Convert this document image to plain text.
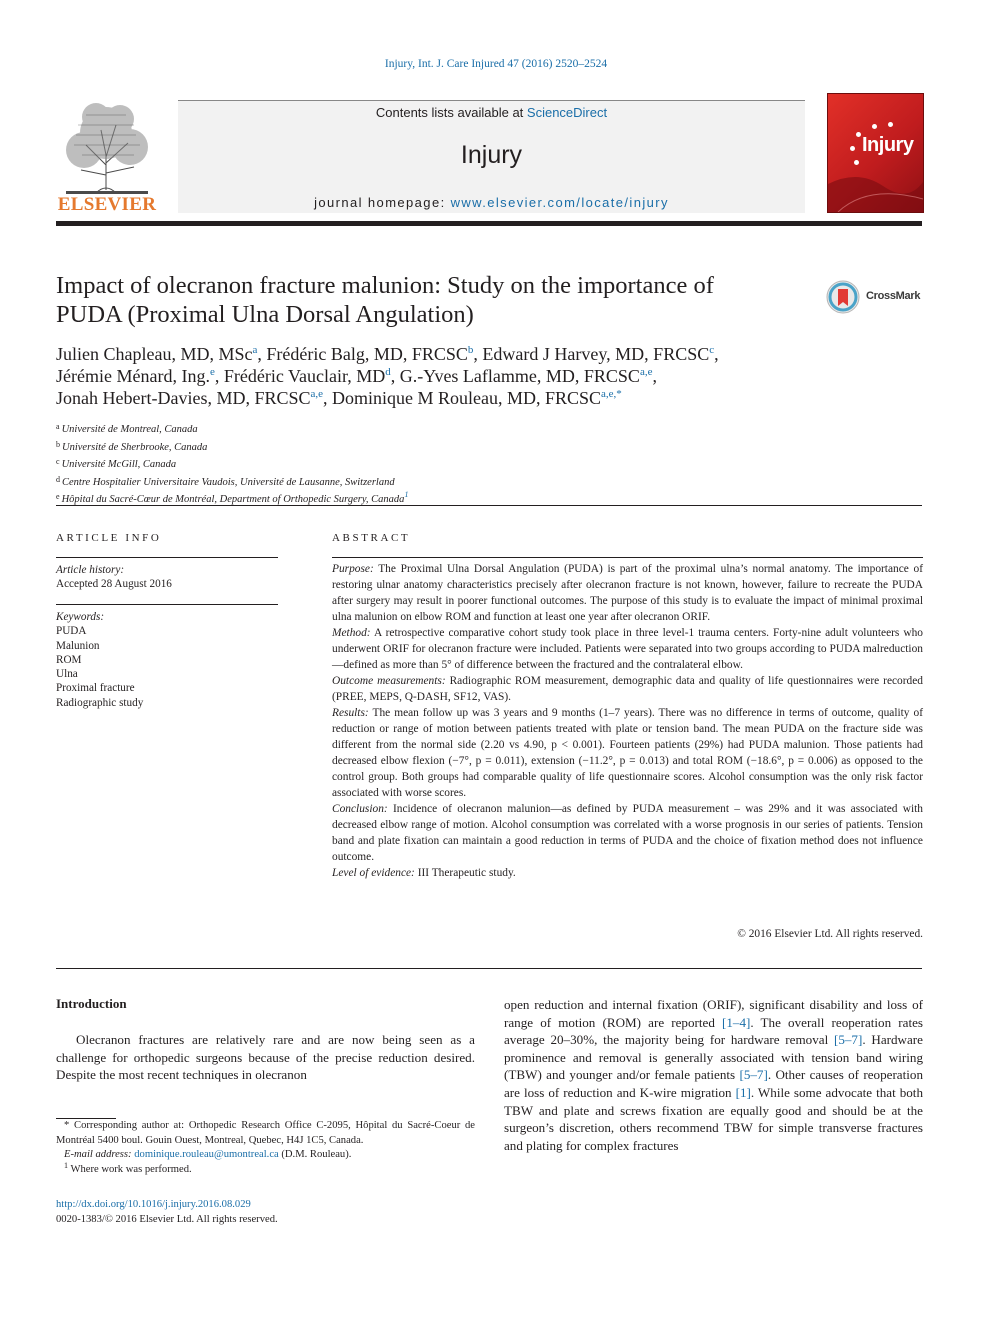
Injury, Int. J. Care Injured 47 (2016) 2520–2524
ELSEVIER
Contents lists available at ScienceDirect
Injury
journal homepage: www.elsevier.com/locate/injury
Injury
Impact of olecranon fracture malunion: Study on the importance of
PUDA (Proximal Ulna Dorsal Angulation)
CrossMark
Julien Chapleau, MD, MSc$^a$, Frédéric Balg, MD, FRCSC$^b$, Edward J Harvey, MD, FRCSC$^c$,
Jérémie Ménard, Ing.$^e$, Frédéric Vauclair, $MD^d$, G.-Yves Laflamme, MD, FRCSC$^{a,e}$,
Jonah Hebert-Davies, MD, FRCSC$^{a,e}$, Dominique M Rouleau, MD, $FRCSC^{a,e,*}$
$^a$ Université de Montreal, Canada
$^b$ Université de Sherbrooke, Canada
$^c$ Université McGill, Canada
$^d$ Centre Hospitalier Universitaire Vaudois, Université de Lausanne, Switzerland
$^e$ Hôpital du Sacré-Cœur de Montréal, Department of Orthopedic Surgery, Canada$^1$
ARTICLE INFO	ABSTRACT
Article history:
Accepted 28 August 2016
Keywords:
PUDA
Malunion
ROM
Ulna
Proximal fracture
Radiographic study

Purpose: The Proximal Ulna Dorsal Angulation (PUDA) is part of the proximal ulna’s normal anatomy. The importance of restoring ulnar anatomy characteristics precisely after olecranon fracture is not known, however, failure to recreate the PUDA after surgery may result in poorer functional outcomes. The purpose of this study is to evaluate the impact of minimal proximal ulna malunion on elbow ROM and function at least one year after olecranon ORIF.

Method: A retrospective comparative cohort study took place in three level-1 trauma centers. Forty-nine adult volunteers who underwent ORIF for olecranon fracture were included. Patients were separated into two groups according to PUDA malreduction—defined as more than 5° of difference between the fractured and the contralateral elbow.

Outcome measurements: Radiographic ROM measurement, demographic data and quality of life questionnaires were recorded (PREE, MEPS, Q-DASH, SF12, VAS).

Results: The mean follow up was 3 years and 9 months (1–7 years). There was no difference in terms of outcome, quality of reduction or range of motion between patients treated with plate or tension band. The mean PUDA on the fracture side was different from the normal side (2.20 vs 4.90, p < 0.001). Fourteen patients (29%) had PUDA malunion. Those patients had decreased elbow flexion (−7°, p = 0.011), extension (−11.2°, p = 0.013) and total ROM (−18.6°, p = 0.006) as opposed to the control group. Both groups had comparable quality of life questionnaire scores. Alcohol consumption was the only risk factor associated with worse scores.

Conclusion: Incidence of olecranon malunion—as defined by PUDA measurement – was 29% and it was associated with decreased elbow range of motion. Alcohol consumption was correlated with a worse prognosis in our series of patients. Tension band and plate fixation can maintain a good reduction in terms of PUDA and the choice of fixation method does not influence outcome.

Level of evidence: III Therapeutic study.

© 2016 Elsevier Ltd. All rights reserved.
Introduction

Olecranon fractures are relatively rare and are now being seen as a challenge for orthopedic surgeons because of the precise reduction desired. Despite the most recent techniques in olecranon

open reduction and internal fixation (ORIF), significant disability and loss of range of motion (ROM) are reported [1–4]. The overall reoperation rates average 20–30%, the majority being for hardware removal [5–7]. Hardware prominence and removal is generally associated with tension band wiring (TBW) and younger and/or female patients [5–7]. Other causes of reoperation are loss of reduction and K-wire migration [1]. While some advocate that both TBW and plate and screws fixation are equally good and should be at the surgeon’s discretion, others recommend TBW for simple transverse fractures and plating for complex fractures

* Corresponding author at: Orthopedic Research Office C-2095, Hôpital du Sacré-Coeur de Montréal 5400 boul. Gouin Ouest, Montreal, Quebec, H4J 1C5, Canada.

E-mail address: dominique.rouleau@umontreal.ca (D.M. Rouleau).

$^1$ Where work was performed.

http://dx.doi.org/10.1016/j.injury.2016.08.029
0020-1383/© 2016 Elsevier Ltd. All rights reserved.
